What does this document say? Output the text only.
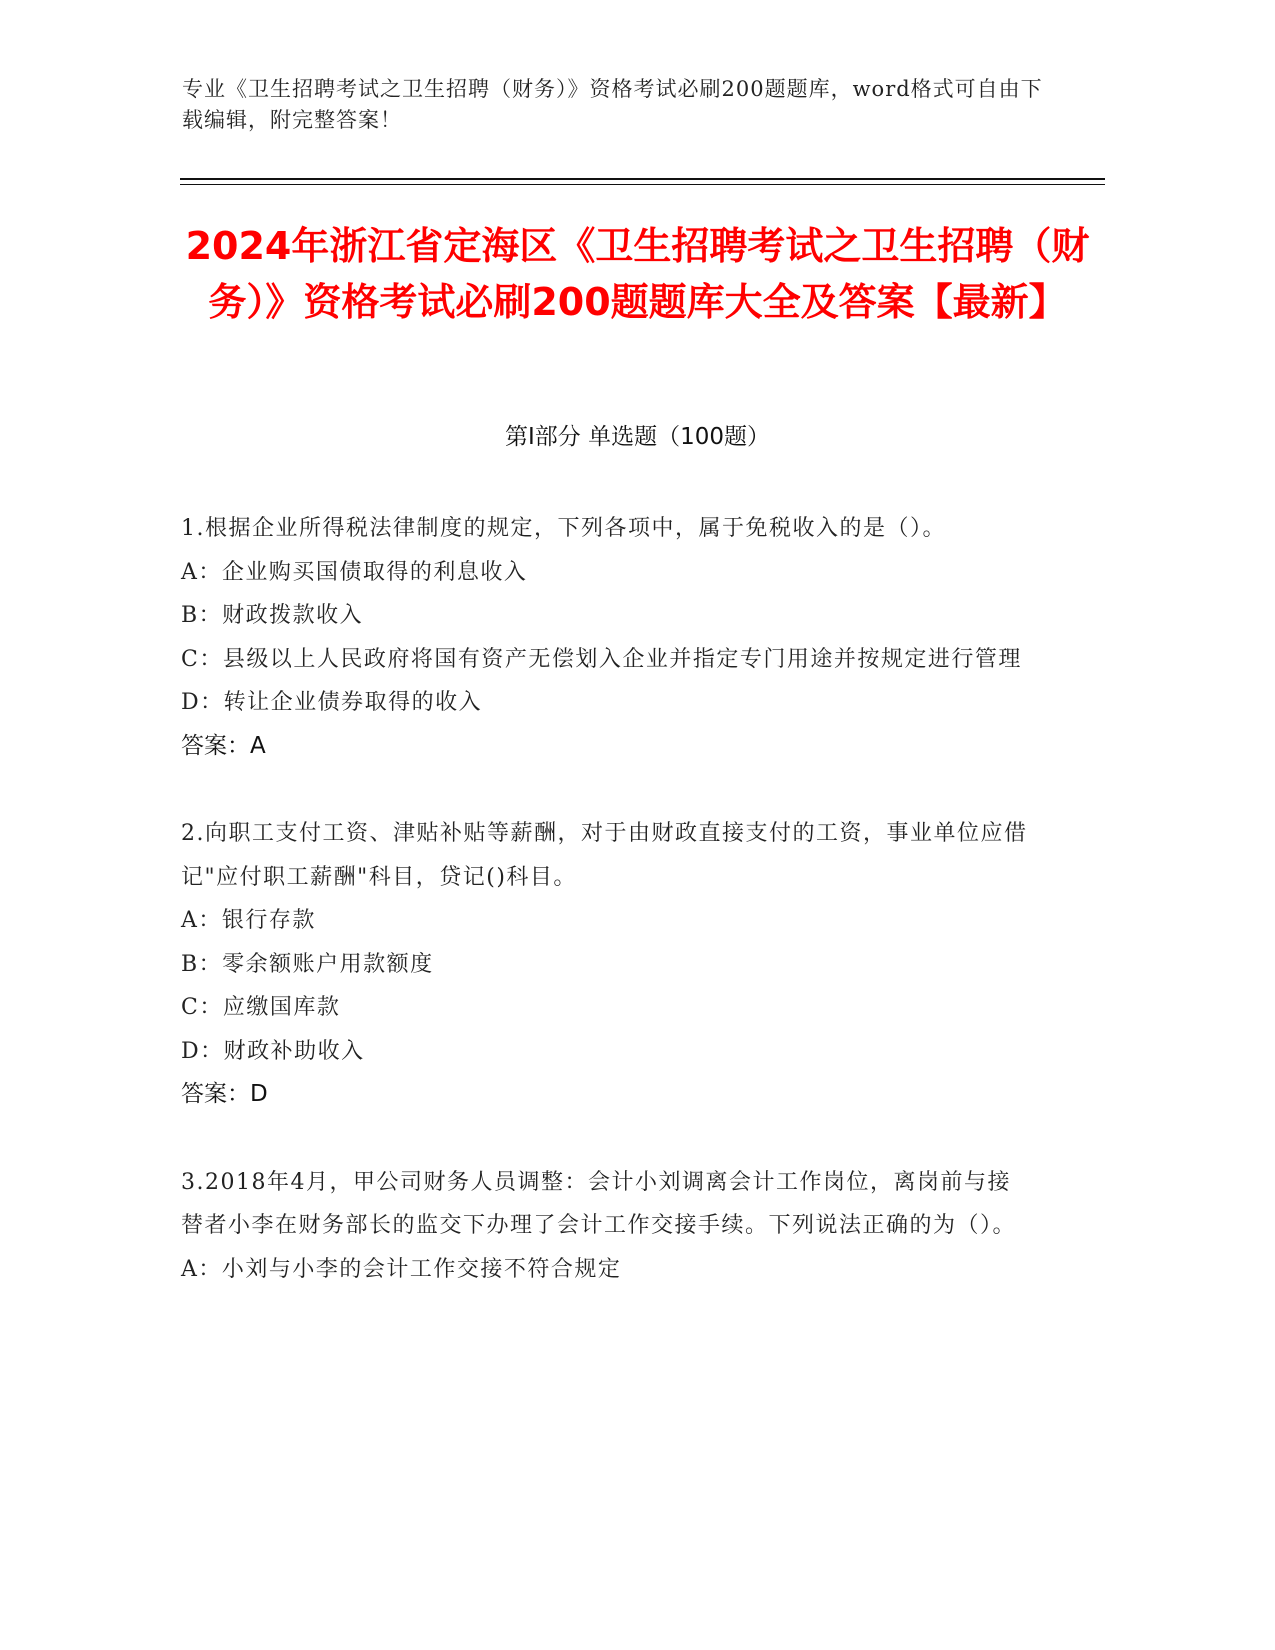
专业《卫生招聘考试之卫生招聘（财务）》资格考试必刷200题题库，word格式可自由下载编辑，附完整答案！
2024年浙江省定海区《卫生招聘考试之卫生招聘（财务）》资格考试必刷200题题库大全及答案【最新】
第Ⅰ部分 单选题（100题）
1.根据企业所得税法律制度的规定，下列各项中，属于免税收入的是（）。
A：企业购买国债取得的利息收入
B：财政拨款收入
C：县级以上人民政府将国有资产无偿划入企业并指定专门用途并按规定进行管理
D：转让企业债券取得的收入
答案：A
2.向职工支付工资、津贴补贴等薪酬，对于由财政直接支付的工资，事业单位应借记"应付职工薪酬"科目，贷记()科目。
A：银行存款
B：零余额账户用款额度
C：应缴国库款
D：财政补助收入
答案：D
3.2018年4月，甲公司财务人员调整：会计小刘调离会计工作岗位，离岗前与接替者小李在财务部长的监交下办理了会计工作交接手续。下列说法正确的为（）。
A：小刘与小李的会计工作交接不符合规定
